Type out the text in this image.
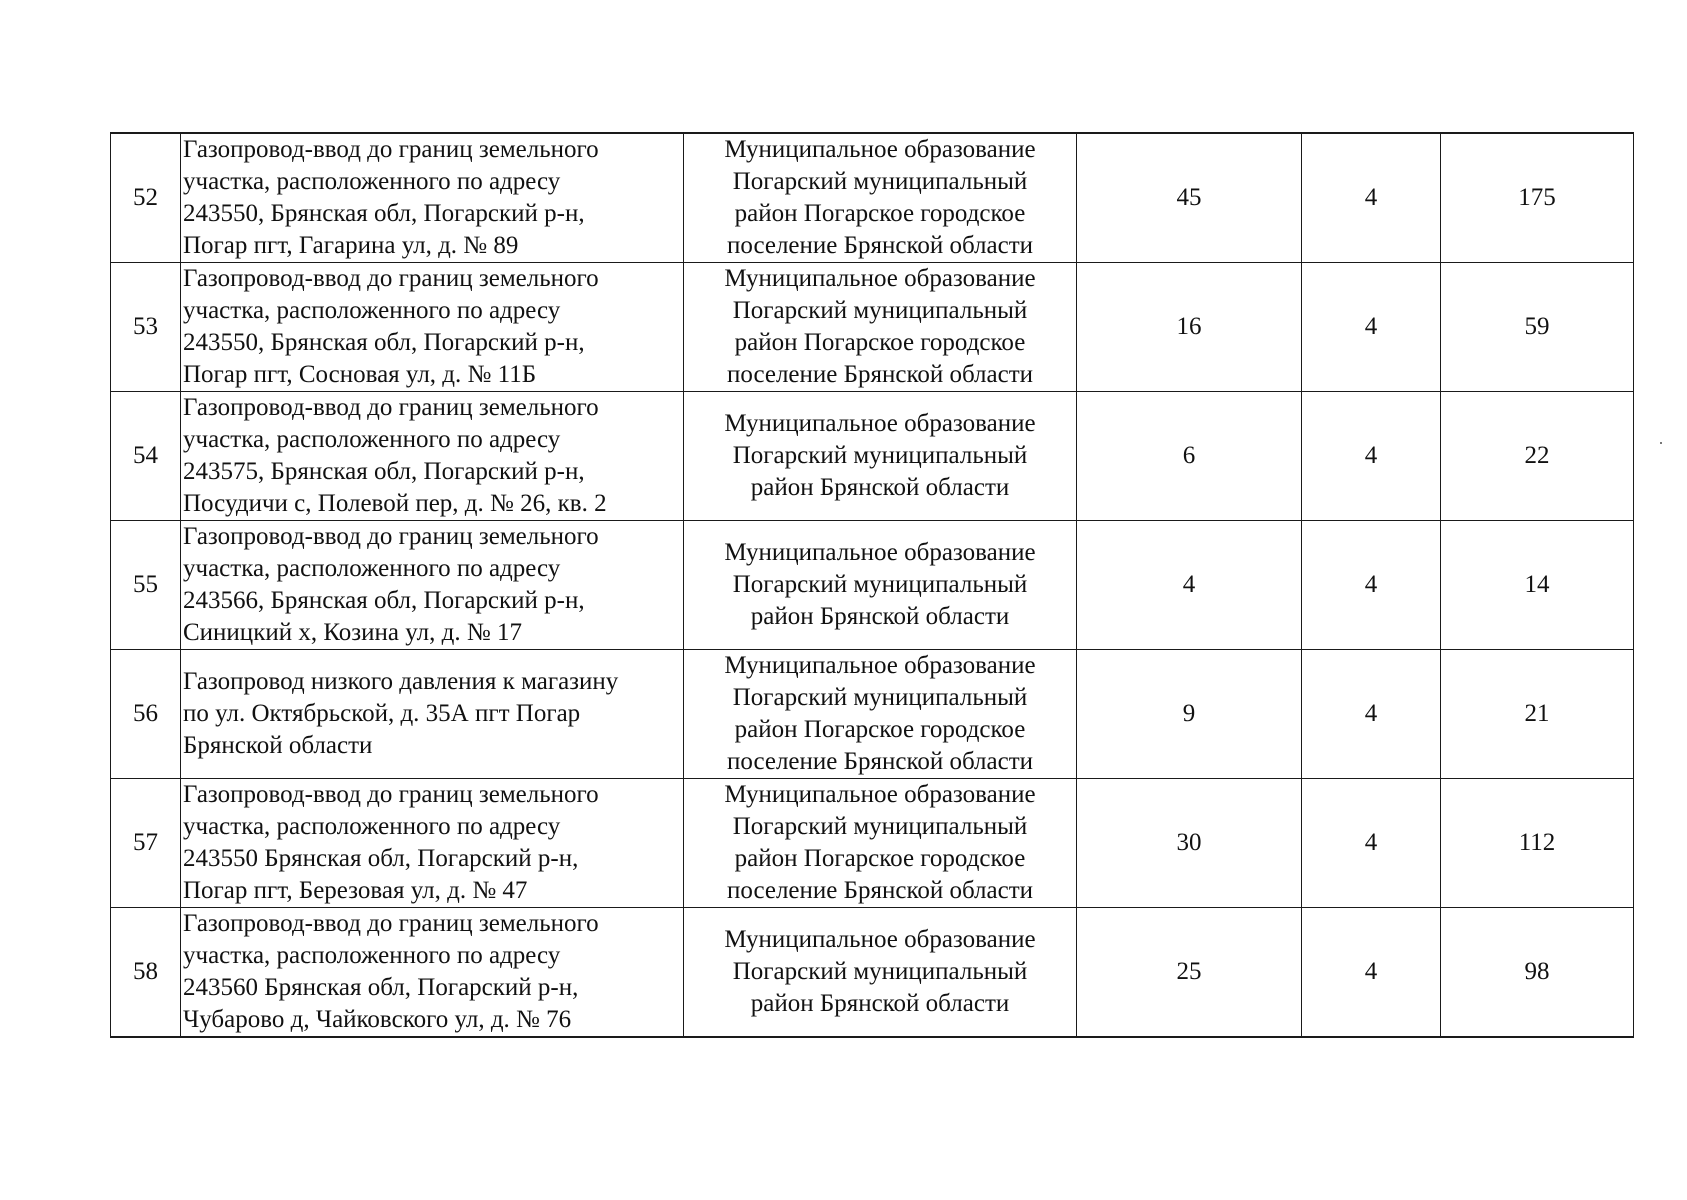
52	Газопровод-ввод до границ земельного
участка, расположенного по адресу
243550, Брянская обл, Погарский р-н,
Погар пгт, Гагарина ул, д. № 89	Муниципальное образование
Погарский муниципальный
район Погарское городское
поселение Брянской области	45	4	175
53	Газопровод-ввод до границ земельного
участка, расположенного по адресу
243550, Брянская обл, Погарский р-н,
Погар пгт, Сосновая ул, д. № 11Б	Муниципальное образование
Погарский муниципальный
район Погарское городское
поселение Брянской области	16	4	59
54	Газопровод-ввод до границ земельного
участка, расположенного по адресу
243575, Брянская обл, Погарский р-н,
Посудичи с, Полевой пер, д. № 26, кв. 2	Муниципальное образование
Погарский муниципальный
район Брянской области	6	4	22
55	Газопровод-ввод до границ земельного
участка, расположенного по адресу
243566, Брянская обл, Погарский р-н,
Синицкий х, Козина ул, д. № 17	Муниципальное образование
Погарский муниципальный
район Брянской области	4	4	14
56	Газопровод низкого давления к магазину
по ул. Октябрьской, д. 35А пгт Погар
Брянской области	Муниципальное образование
Погарский муниципальный
район Погарское городское
поселение Брянской области	9	4	21
57	Газопровод-ввод до границ земельного
участка, расположенного по адресу
243550 Брянская обл, Погарский р-н,
Погар пгт, Березовая ул, д. № 47	Муниципальное образование
Погарский муниципальный
район Погарское городское
поселение Брянской области	30	4	112
58	Газопровод-ввод до границ земельного
участка, расположенного по адресу
243560 Брянская обл, Погарский р-н,
Чубарово д, Чайковского ул, д. № 76	Муниципальное образование
Погарский муниципальный
район Брянской области	25	4	98
